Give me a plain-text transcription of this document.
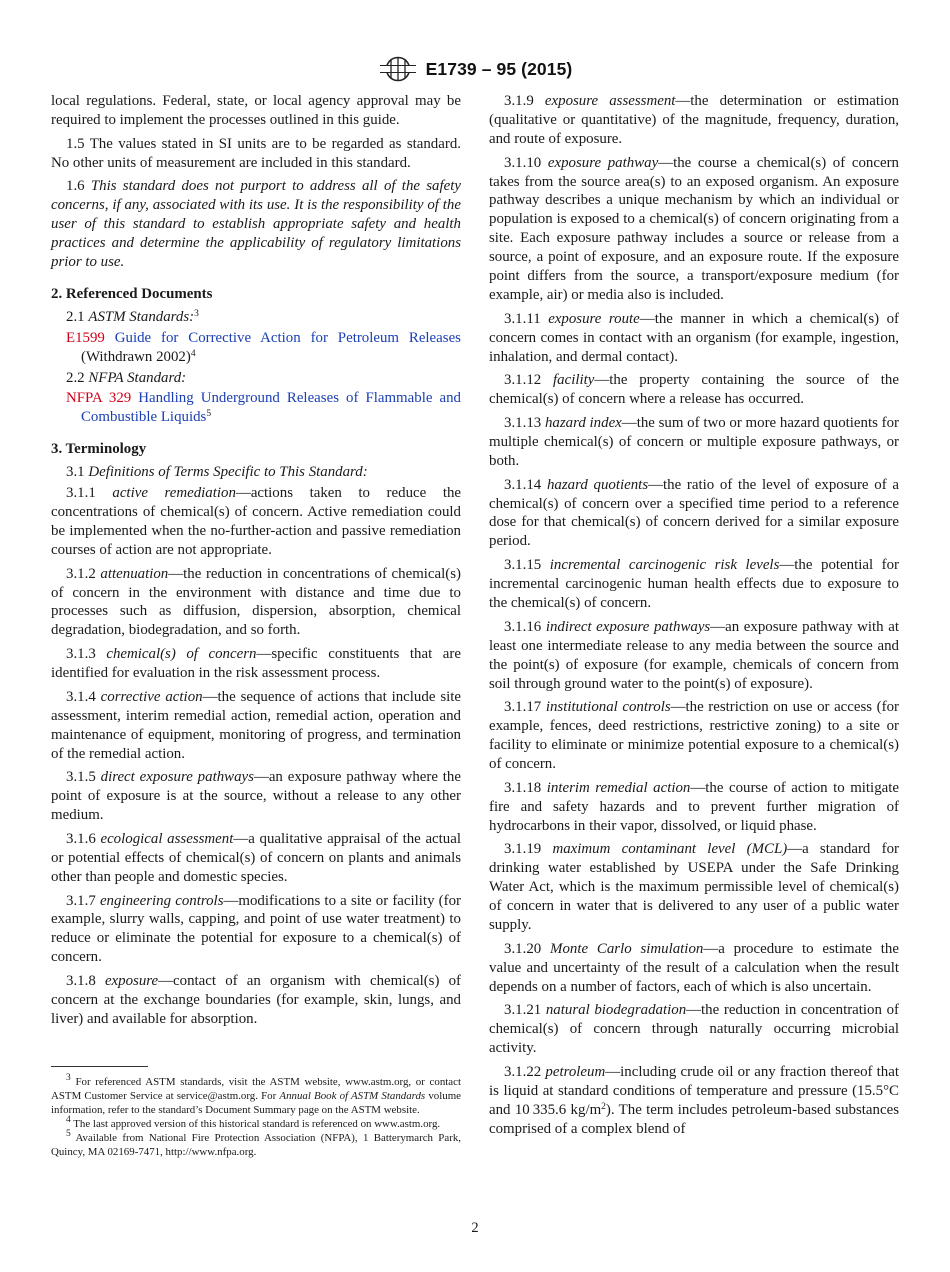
E1739 – 95 (2015)

local regulations. Federal, state, or local agency approval may be required to implement the processes outlined in this guide.

1.5 The values stated in SI units are to be regarded as standard. No other units of measurement are included in this standard.

1.6 This standard does not purport to address all of the safety concerns, if any, associated with its use. It is the responsibility of the user of this standard to establish appropriate safety and health practices and determine the applicability of regulatory limitations prior to use.

2. Referenced Documents

2.1 ASTM Standards:$^3$

E1599 Guide for Corrective Action for Petroleum Releases (Withdrawn 2002)$^4$

2.2 NFPA Standard:

NFPA 329 Handling Underground Releases of Flammable and Combustible Liquids$^5$

3. Terminology

3.1 Definitions of Terms Specific to This Standard:

3.1.1 active remediation—actions taken to reduce the concentrations of chemical(s) of concern. Active remediation could be implemented when the no-further-action and passive remediation courses of action are not appropriate.

3.1.2 attenuation—the reduction in concentrations of chemical(s) of concern in the environment with distance and time due to processes such as diffusion, dispersion, absorption, chemical degradation, biodegradation, and so forth.

3.1.3 chemical(s) of concern—specific constituents that are identified for evaluation in the risk assessment process.

3.1.4 corrective action—the sequence of actions that include site assessment, interim remedial action, remedial action, operation and maintenance of equipment, monitoring of progress, and termination of the remedial action.

3.1.5 direct exposure pathways—an exposure pathway where the point of exposure is at the source, without a release to any other medium.

3.1.6 ecological assessment—a qualitative appraisal of the actual or potential effects of chemical(s) of concern on plants and animals other than people and domestic species.

3.1.7 engineering controls—modifications to a site or facility (for example, slurry walls, capping, and point of use water treatment) to reduce or eliminate the potential for exposure to a chemical(s) of concern.

3.1.8 exposure—contact of an organism with chemical(s) of concern at the exchange boundaries (for example, skin, lungs, and liver) and available for absorption.

$^3$ For referenced ASTM standards, visit the ASTM website, www.astm.org, or contact ASTM Customer Service at service@astm.org. For Annual Book of ASTM Standards volume information, refer to the standard’s Document Summary page on the ASTM website.

$^4$ The last approved version of this historical standard is referenced on www.astm.org.

$^5$ Available from National Fire Protection Association (NFPA), 1 Batterymarch Park, Quincy, MA 02169-7471, http://www.nfpa.org.

3.1.9 exposure assessment—the determination or estimation (qualitative or quantitative) of the magnitude, frequency, duration, and route of exposure.

3.1.10 exposure pathway—the course a chemical(s) of concern takes from the source area(s) to an exposed organism. An exposure pathway describes a unique mechanism by which an individual or population is exposed to a chemical(s) of concern originating from a site. Each exposure pathway includes a source or release from a source, a point of exposure, and an exposure route. If the exposure point differs from the source, a transport/exposure medium (for example, air) or media also is included.

3.1.11 exposure route—the manner in which a chemical(s) of concern comes in contact with an organism (for example, ingestion, inhalation, and dermal contact).

3.1.12 facility—the property containing the source of the chemical(s) of concern where a release has occurred.

3.1.13 hazard index—the sum of two or more hazard quotients for multiple chemical(s) of concern or multiple exposure pathways, or both.

3.1.14 hazard quotients—the ratio of the level of exposure of a chemical(s) of concern over a specified time period to a reference dose for that chemical(s) of concern derived for a similar exposure period.

3.1.15 incremental carcinogenic risk levels—the potential for incremental carcinogenic human health effects due to exposure to the chemical(s) of concern.

3.1.16 indirect exposure pathways—an exposure pathway with at least one intermediate release to any media between the source and the point(s) of exposure (for example, chemicals of concern from soil through ground water to the point(s) of exposure).

3.1.17 institutional controls—the restriction on use or access (for example, fences, deed restrictions, restrictive zoning) to a site or facility to eliminate or minimize potential exposure to a chemical(s) of concern.

3.1.18 interim remedial action—the course of action to mitigate fire and safety hazards and to prevent further migration of hydrocarbons in their vapor, dissolved, or liquid phase.

3.1.19 maximum contaminant level (MCL)—a standard for drinking water established by USEPA under the Safe Drinking Water Act, which is the maximum permissible level of chemical(s) of concern in water that is delivered to any user of a public water supply.

3.1.20 Monte Carlo simulation—a procedure to estimate the value and uncertainty of the result of a calculation when the result depends on a number of factors, each of which is also uncertain.

3.1.21 natural biodegradation—the reduction in concentration of chemical(s) of concern through naturally occurring microbial activity.

3.1.22 petroleum—including crude oil or any fraction thereof that is liquid at standard conditions of temperature and pressure (15.5°C and 10 335.6 $kg/m^2$). The term includes petroleum-based substances comprised of a complex blend of

2
